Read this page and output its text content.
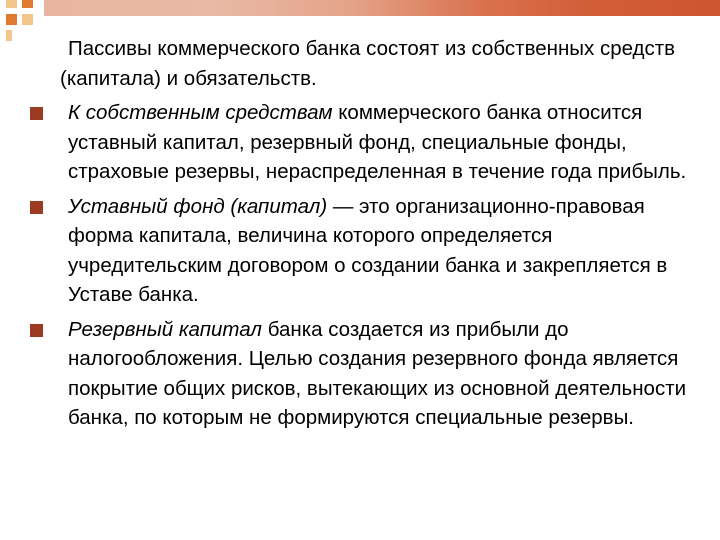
Пассивы коммерческого банка состоят из собственных средств (капитала) и обязательств.

К собственным средствам коммерческого банка относится уставный капитал, резервный фонд, специальные фонды, страховые резервы, нераспределенная в течение года прибыль.
Уставный фонд (капитал) — это организационно-правовая форма капитала, величина которого определяется учредительским договором о создании банка и закрепляется в Уставе банка.
Резервный капитал банка создается из прибыли до налогообложения. Целью создания резервного фонда является покрытие общих рисков, вытекающих из основной деятельности банка, по которым не формируются специальные резервы.
